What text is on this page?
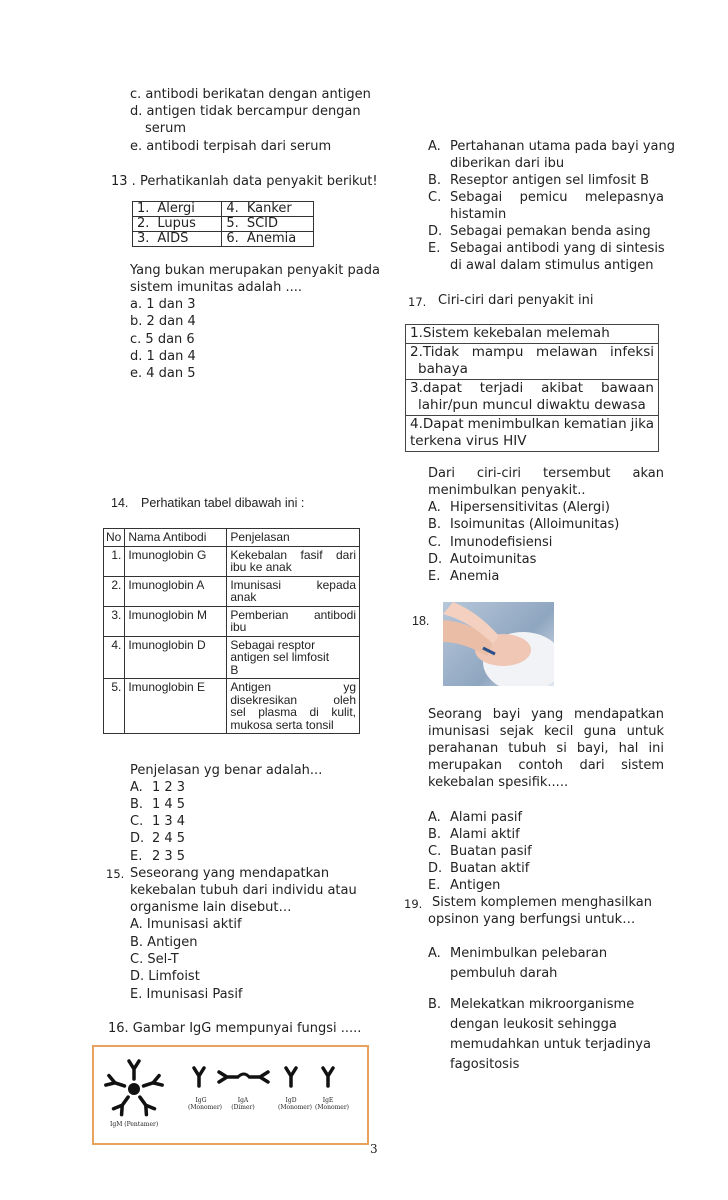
c. antibodi berikatan dengan antigen
d. antigen tidak bercampur dengan
serum
e. antibodi terpisah dari serum
13 . Perhatikanlah data penyakit berikut!
1.	Alergi	4.	Kanker
2.	Lupus	5.	SCID
3.	AIDS	6.	Anemia
Yang bukan merupakan penyakit pada
sistem imunitas adalah ....
a. 1 dan 3
b. 2 dan 4
c. 5 dan 6
d. 1 dan 4
e. 4 dan 5
14. Perhatikan tabel dibawah ini :
No	Nama Antibodi	Penjelasan
1.	Imunoglobin G	Kekebalan fasif dari
ibu ke anak

2.	Imunoglobin A	Imunisasi kepada
anak

3.	Imunoglobin M	Pemberian antibodi
ibu

4.	Imunoglobin D	Sebagai resptor
antigen sel limfosit
B

5.	Imunoglobin E	Antigen yg
disekresikan oleh
sel plasma di kulit,
mukosa serta tonsil
Penjelasan yg benar adalah...
A. 1 2 3
B. 1 4 5
C. 1 3 4
D. 2 4 5
E. 2 3 5
15. Seseorang yang mendapatkan
kekebalan tubuh dari individu atau
organisme lain disebut…
A. Imunisasi aktif
B. Antigen
C. Sel-T
D. Limfoist
E. Imunisasi Pasif
16. Gambar IgG mempunyai fungsi .....
IgG
(Monomer)
IgA
(Dimer)
IgD
(Monomer)
IgE
(Monomer)
IgM (Pentamer)
A. Pertahanan utama pada bayi yang
diberikan dari ibu
B. Reseptor antigen sel limfosit B
C. Sebagai pemicu melepasnya
histamin
D. Sebagai pemakan benda asing
E. Sebagai antibodi yang di sintesis
di awal dalam stimulus antigen
17. Ciri-ciri dari penyakit ini
1.Sistem kekebalan melemah
2.Tidak mampu melawan infeksi
bahaya
3.dapat terjadi akibat bawaan
lahir/pun muncul diwaktu dewasa
4.Dapat menimbulkan kematian jika
terkena virus HIV
Dari ciri-ciri tersembut akan
menimbulkan penyakit..
A. Hipersensitivitas (Alergi)
B. Isoimunitas (Alloimunitas)
C. Imunodefisiensi
D. Autoimunitas
E. Anemia
18.
Seorang bayi yang mendapatkan
imunisasi sejak kecil guna untuk
perahanan tubuh si bayi, hal ini
merupakan contoh dari sistem
kekebalan spesifik.....
A. Alami pasif
B. Alami aktif
C. Buatan pasif
D. Buatan aktif
E. Antigen
19. Sistem komplemen menghasilkan
opsinon yang berfungsi untuk…
A. Menimbulkan pelebaran
pembuluh darah
B. Melekatkan mikroorganisme
dengan leukosit sehingga
memudahkan untuk terjadinya
fagositosis
3
